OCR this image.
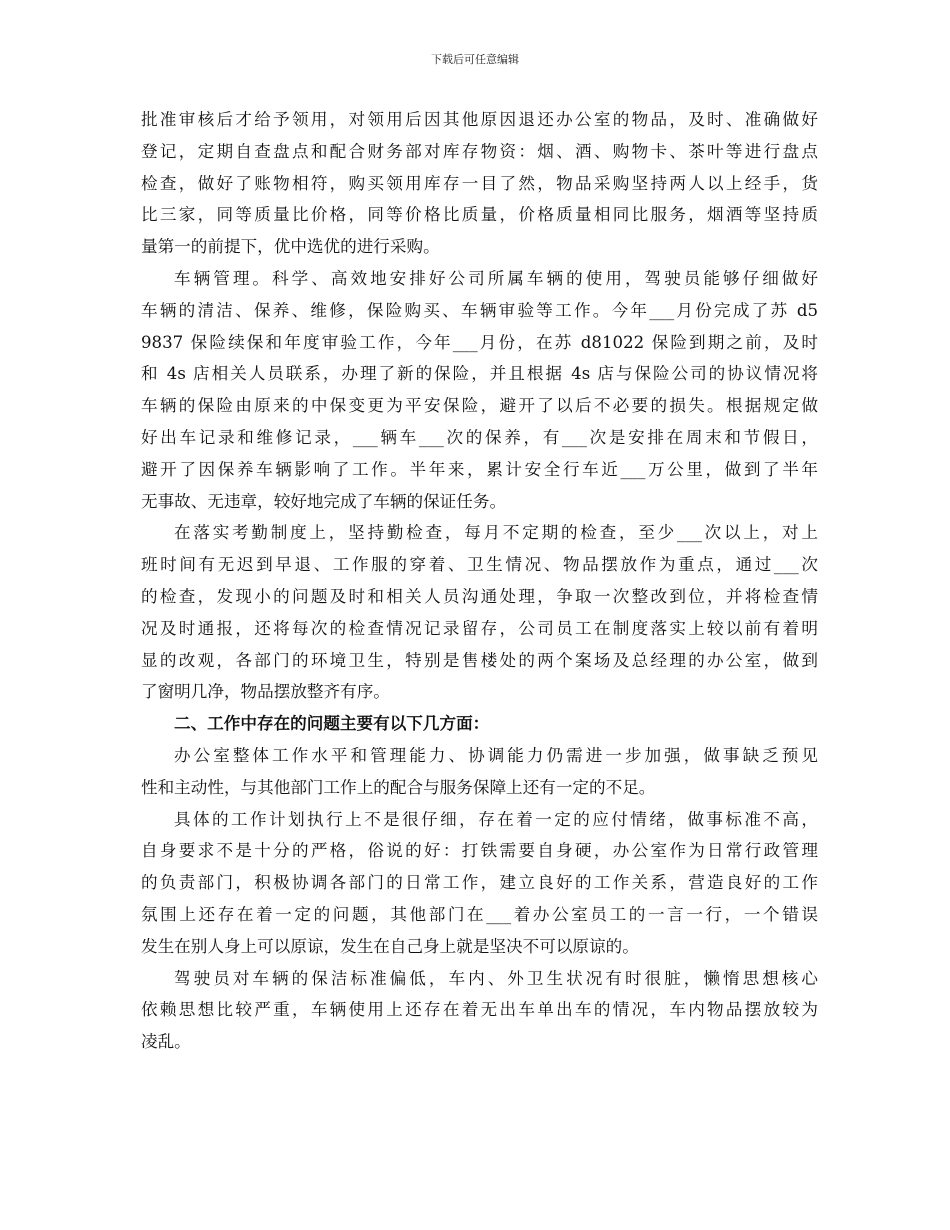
下载后可任意编辑
批准审核后才给予领用，对领用后因其他原因退还办公室的物品，及时、准确做好
登记，定期自查盘点和配合财务部对库存物资：烟、酒、购物卡、茶叶等进行盘点
检查，做好了账物相符，购买领用库存一目了然，物品采购坚持两人以上经手，货
比三家，同等质量比价格，同等价格比质量，价格质量相同比服务，烟酒等坚持质
量第一的前提下，优中选优的进行采购。
车辆管理。科学、高效地安排好公司所属车辆的使用，驾驶员能够仔细做好
车辆的清洁、保养、维修，保险购买、车辆审验等工作。今年___月份完成了苏 d5
9837 保险续保和年度审验工作，今年___月份，在苏 d81022 保险到期之前，及时
和 4s 店相关人员联系，办理了新的保险，并且根据 4s 店与保险公司的协议情况将
车辆的保险由原来的中保变更为平安保险，避开了以后不必要的损失。根据规定做
好出车记录和维修记录，___辆车___次的保养，有___次是安排在周末和节假日，
避开了因保养车辆影响了工作。半年来，累计安全行车近___万公里，做到了半年
无事故、无违章，较好地完成了车辆的保证任务。
在落实考勤制度上，坚持勤检查，每月不定期的检查，至少___次以上，对上
班时间有无迟到早退、工作服的穿着、卫生情况、物品摆放作为重点，通过___次
的检查，发现小的问题及时和相关人员沟通处理，争取一次整改到位，并将检查情
况及时通报，还将每次的检查情况记录留存，公司员工在制度落实上较以前有着明
显的改观，各部门的环境卫生，特别是售楼处的两个案场及总经理的办公室，做到
了窗明几净，物品摆放整齐有序。
二、工作中存在的问题主要有以下几方面：
办公室整体工作水平和管理能力、协调能力仍需进一步加强，做事缺乏预见
性和主动性，与其他部门工作上的配合与服务保障上还有一定的不足。
具体的工作计划执行上不是很仔细，存在着一定的应付情绪，做事标准不高，
自身要求不是十分的严格，俗说的好：打铁需要自身硬，办公室作为日常行政管理
的负责部门，积极协调各部门的日常工作，建立良好的工作关系，营造良好的工作
氛围上还存在着一定的问题，其他部门在___着办公室员工的一言一行，一个错误
发生在别人身上可以原谅，发生在自己身上就是坚决不可以原谅的。
驾驶员对车辆的保洁标准偏低，车内、外卫生状况有时很脏，懒惰思想核心
依赖思想比较严重，车辆使用上还存在着无出车单出车的情况，车内物品摆放较为
凌乱。
